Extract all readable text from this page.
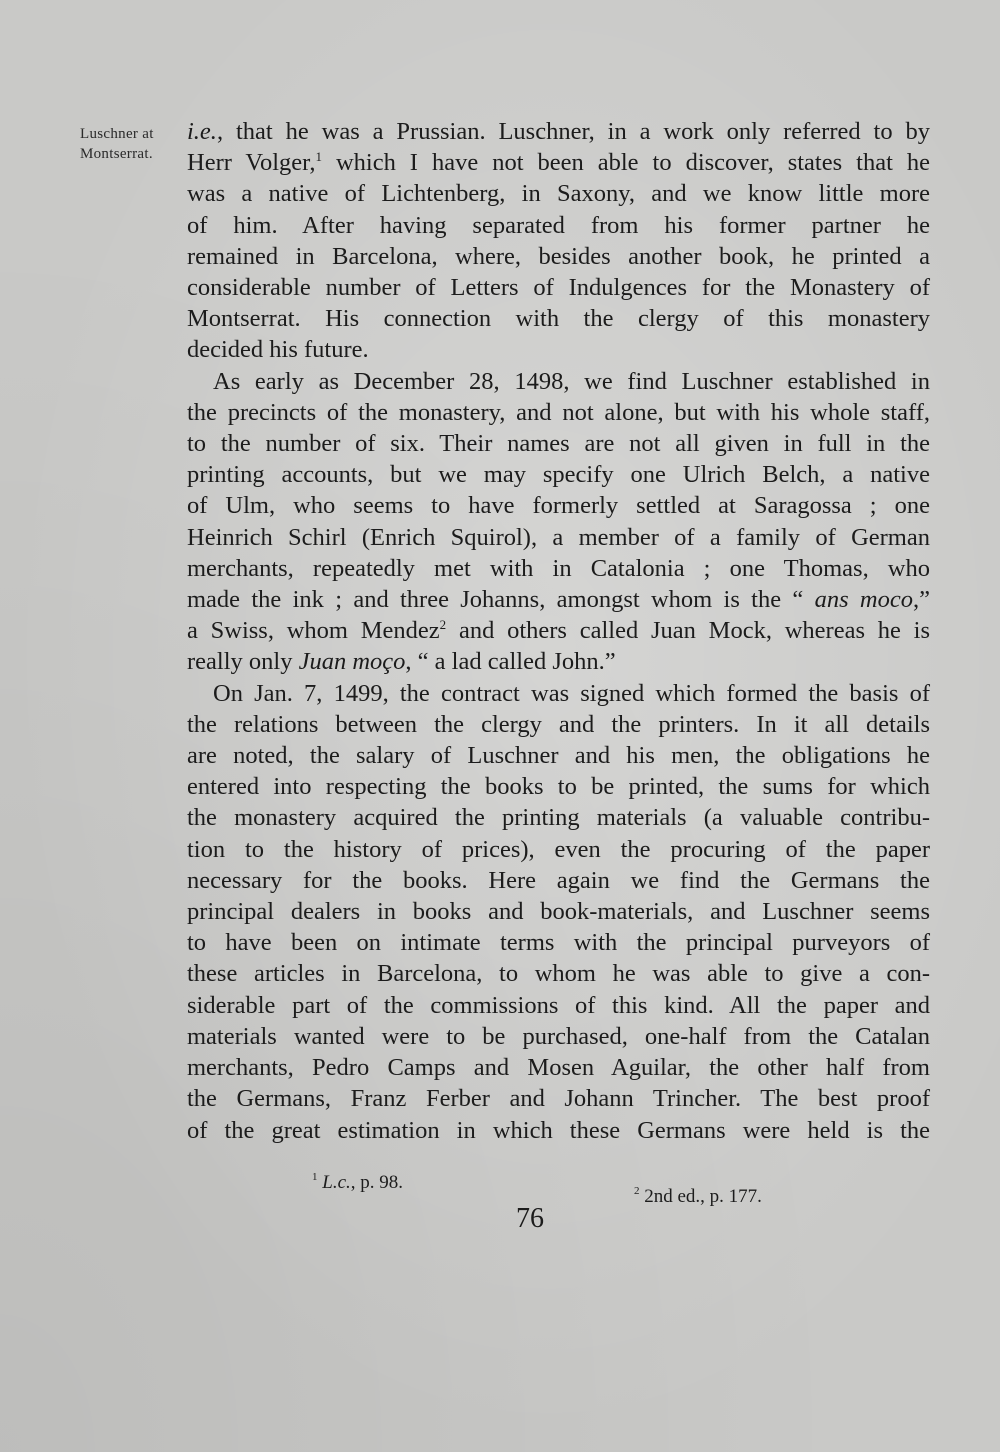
Luschner at
Montserrat.
i.e., that he was a Prussian. Luschner, in a work only referred to by
Herr Volger,$^1$ which I have not been able to discover, states that he
was a native of Lichtenberg, in Saxony, and we know little more
of him. After having separated from his former partner he
remained in Barcelona, where, besides another book, he printed a
considerable number of Letters of Indulgences for the Monastery of
Montserrat. His connection with the clergy of this monastery
decided his future.
As early as December 28, 1498, we find Luschner established in
the precincts of the monastery, and not alone, but with his whole staff,
to the number of six. Their names are not all given in full in the
printing accounts, but we may specify one Ulrich Belch, a native
of Ulm, who seems to have formerly settled at Saragossa ; one
Heinrich Schirl (Enrich Squirol), a member of a family of German
merchants, repeatedly met with in Catalonia ; one Thomas, who
made the ink ; and three Johanns, amongst whom is the “ ans moco,”
a Swiss, whom Mendez$^2$ and others called Juan Mock, whereas he is
really only Juan moço, “ a lad called John.”
On Jan. 7, 1499, the contract was signed which formed the basis of
the relations between the clergy and the printers. In it all details
are noted, the salary of Luschner and his men, the obligations he
entered into respecting the books to be printed, the sums for which
the monastery acquired the printing materials (a valuable contribu-
tion to the history of prices), even the procuring of the paper
necessary for the books. Here again we find the Germans the
principal dealers in books and book-materials, and Luschner seems
to have been on intimate terms with the principal purveyors of
these articles in Barcelona, to whom he was able to give a con-
siderable part of the commissions of this kind. All the paper and
materials wanted were to be purchased, one-half from the Catalan
merchants, Pedro Camps and Mosen Aguilar, the other half from
the Germans, Franz Ferber and Johann Trincher. The best proof
of the great estimation in which these Germans were held is the
$^1$ L.c., p. 98.	$^2$ 2nd ed., p. 177.
76
